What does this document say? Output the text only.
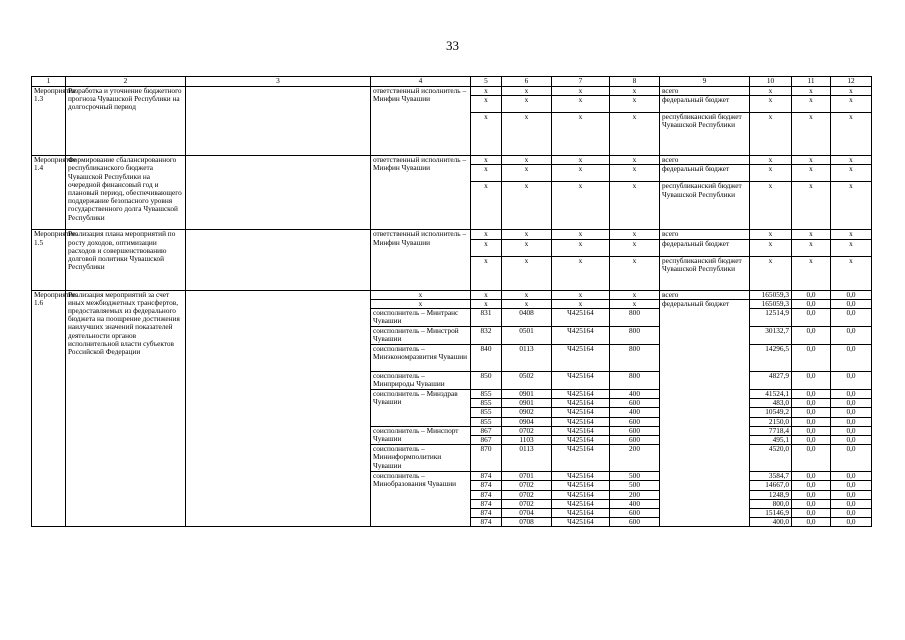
33
1	2	3	4	5	6	7	8	9	10	11	12
Мероприятие 1.3	Разработка и уточнение бюджетного прогноза Чувашской Республики на долгосрочный период		ответственный исполнитель – Минфин Чувашии	x	x	x	x	всего	x	x	x
				x	x	x	x	федеральный бюджет	x	x	x
				x	x	x	x	республиканский бюджет Чувашской Республики	x	x	x
Мероприятие 1.4	Формирование сбалансированного республиканского бюджета Чувашской Республики на очередной финансовый год и плановый период, обеспечивающего поддержание безопасного уровня государственного долга Чувашской Республики		ответственный исполнитель – Минфин Чувашии	x	x	x	x	всего	x	x	x
				x	x	x	x	федеральный бюджет	x	x	x
				x	x	x	x	республиканский бюджет Чувашской Республики	x	x	x
Мероприятие 1.5	Реализация плана мероприятий по росту доходов, оптимизации расходов и совершенствованию долговой политики Чувашской Республики		ответственный исполнитель – Минфин Чувашии	x	x	x	x	всего	x	x	x
				x	x	x	x	федеральный бюджет	x	x	x
				x	x	x	x	республиканский бюджет Чувашской Республики	x	x	x
Мероприятие 1.6	Реализация мероприятий за счет иных межбюджетных трансфертов, предоставляемых из федерального бюджета на поощрение достижения наилучших значений показателей деятельности органов исполнительной власти субъектов Российской Федерации		x	x	x	x	x	всего	165059,3	0,0	0,0
			x	x	x	x	x	федеральный бюджет	165059,3	0,0	0,0
			соисполнитель – Минтранс Чувашии	831	0408	Ч425164	800		12514,9	0,0	0,0
			соисполнитель – Минстрой Чувашии	832	0501	Ч425164	800		30132,7	0,0	0,0
			соисполнитель – Минэкономразвития Чувашии	840	0113	Ч425164	800		14296,5	0,0	0,0
			соисполнитель – Минприроды Чувашии	850	0502	Ч425164	800		4827,9	0,0	0,0
			соисполнитель – Минздрав Чувашии	855	0901	Ч425164	400		41524,1	0,0	0,0
				855	0901	Ч425164	600		483,0	0,0	0,0
				855	0902	Ч425164	400		10549,2	0,0	0,0
				855	0904	Ч425164	600		2150,0	0,0	0,0
			соисполнитель – Минспорт Чувашии	867	0702	Ч425164	600		7718,4	0,0	0,0
				867	1103	Ч425164	600		495,1	0,0	0,0
			соисполнитель – Мининформполитики Чувашии	870	0113	Ч425164	200		4520,0	0,0	0,0
			соисполнитель – Минобразования Чувашии	874	0701	Ч425164	500		3584,7	0,0	0,0
				874	0702	Ч425164	500		14667,0	0,0	0,0
				874	0702	Ч425164	200		1248,9	0,0	0,0
				874	0702	Ч425164	400		800,0	0,0	0,0
				874	0704	Ч425164	600		15146,9	0,0	0,0
				874	0708	Ч425164	600		400,0	0,0	0,0
